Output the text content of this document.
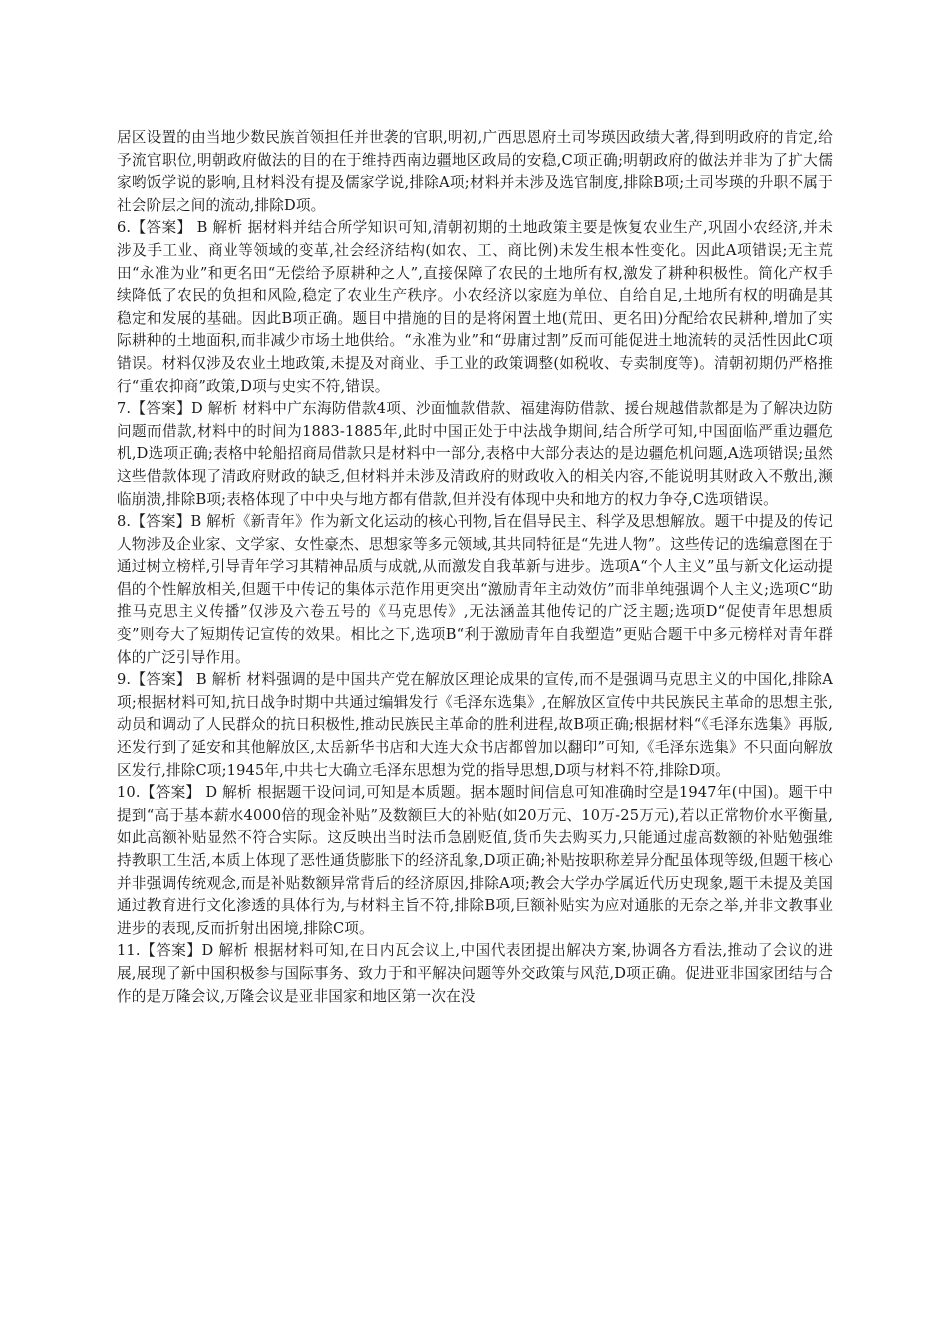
居区设置的由当地少数民族首领担任并世袭的官职,明初,广西思恩府土司岑瑛因政绩大著,得到明政府的肯定,给予流官职位,明朝政府做法的目的在于维持西南边疆地区政局的安稳,C项正确;明朝政府的做法并非为了扩大儒家哟饭学说的影响,且材料没有提及儒家学说,排除A项;材料并未涉及选官制度,排除B项;土司岑瑛的升职不属于社会阶层之间的流动,排除D项。

6.【答案】 B 解析 据材料并结合所学知识可知,清朝初期的土地政策主要是恢复农业生产,巩固小农经济,并未涉及手工业、商业等领域的变革,社会经济结构(如农、工、商比例)未发生根本性变化。因此A项错误;无主荒田“永准为业”和更名田“无偿给予原耕种之人”,直接保障了农民的土地所有权,激发了耕种积极性。简化产权手续降低了农民的负担和风险,稳定了农业生产秩序。小农经济以家庭为单位、自给自足,土地所有权的明确是其稳定和发展的基础。因此B项正确。题目中措施的目的是将闲置土地(荒田、更名田)分配给农民耕种,增加了实际耕种的土地面积,而非减少市场土地供给。“永准为业”和“毋庸过割”反而可能促进土地流转的灵活性因此C项错误。材料仅涉及农业土地政策,未提及对商业、手工业的政策调整(如税收、专卖制度等)。清朝初期仍严格推行“重农抑商”政策,D项与史实不符,错误。

7.【答案】D 解析 材料中广东海防借款4项、沙面恤款借款、福建海防借款、援台规越借款都是为了解决边防问题而借款,材料中的时间为1883-1885年,此时中国正处于中法战争期间,结合所学可知,中国面临严重边疆危机,D选项正确;表格中轮船招商局借款只是材料中一部分,表格中大部分表达的是边疆危机问题,A选项错误;虽然这些借款体现了清政府财政的缺乏,但材料并未涉及清政府的财政收入的相关内容,不能说明其财政入不敷出,濒临崩溃,排除B项;表格体现了中中央与地方都有借款,但并没有体现中央和地方的权力争夺,C选项错误。

8.【答案】B 解析《新青年》作为新文化运动的核心刊物,旨在倡导民主、科学及思想解放。题干中提及的传记人物涉及企业家、文学家、女性豪杰、思想家等多元领域,其共同特征是“先进人物”。这些传记的选编意图在于通过树立榜样,引导青年学习其精神品质与成就,从而激发自我革新与进步。选项A“个人主义”虽与新文化运动提倡的个性解放相关,但题干中传记的集体示范作用更突出“激励青年主动效仿”而非单纯强调个人主义;选项C“助推马克思主义传播”仅涉及六卷五号的《马克思传》,无法涵盖其他传记的广泛主题;选项D“促使青年思想质变”则夸大了短期传记宣传的效果。相比之下,选项B“利于激励青年自我塑造”更贴合题干中多元榜样对青年群体的广泛引导作用。

9.【答案】 B 解析 材料强调的是中国共产党在解放区理论成果的宣传,而不是强调马克思主义的中国化,排除A项;根据材料可知,抗日战争时期中共通过编辑发行《毛泽东选集》,在解放区宣传中共民族民主革命的思想主张,动员和调动了人民群众的抗日积极性,推动民族民主革命的胜利进程,故B项正确;根据材料“《毛泽东选集》再版,还发行到了延安和其他解放区,太岳新华书店和大连大众书店都曾加以翻印”可知,《毛泽东选集》不只面向解放区发行,排除C项;1945年,中共七大确立毛泽东思想为党的指导思想,D项与材料不符,排除D项。

10.【答案】 D 解析 根据题干设问词,可知是本质题。据本题时间信息可知准确时空是1947年(中国)。题干中提到“高于基本薪水4000倍的现金补贴”及数额巨大的补贴(如20万元、10万-25万元),若以正常物价水平衡量,如此高额补贴显然不符合实际。这反映出当时法币急剧贬值,货币失去购买力,只能通过虚高数额的补贴勉强维持教职工生活,本质上体现了恶性通货膨胀下的经济乱象,D项正确;补贴按职称差异分配虽体现等级,但题干核心并非强调传统观念,而是补贴数额异常背后的经济原因,排除A项;教会大学办学属近代历史现象,题干未提及美国通过教育进行文化渗透的具体行为,与材料主旨不符,排除B项,巨额补贴实为应对通胀的无奈之举,并非文教事业进步的表现,反而折射出困境,排除C项。

11.【答案】D 解析 根据材料可知,在日内瓦会议上,中国代表团提出解决方案,协调各方看法,推动了会议的进展,展现了新中国积极参与国际事务、致力于和平解决问题等外交政策与风范,D项正确。促进亚非国家团结与合作的是万隆会议,万隆会议是亚非国家和地区第一次在没
